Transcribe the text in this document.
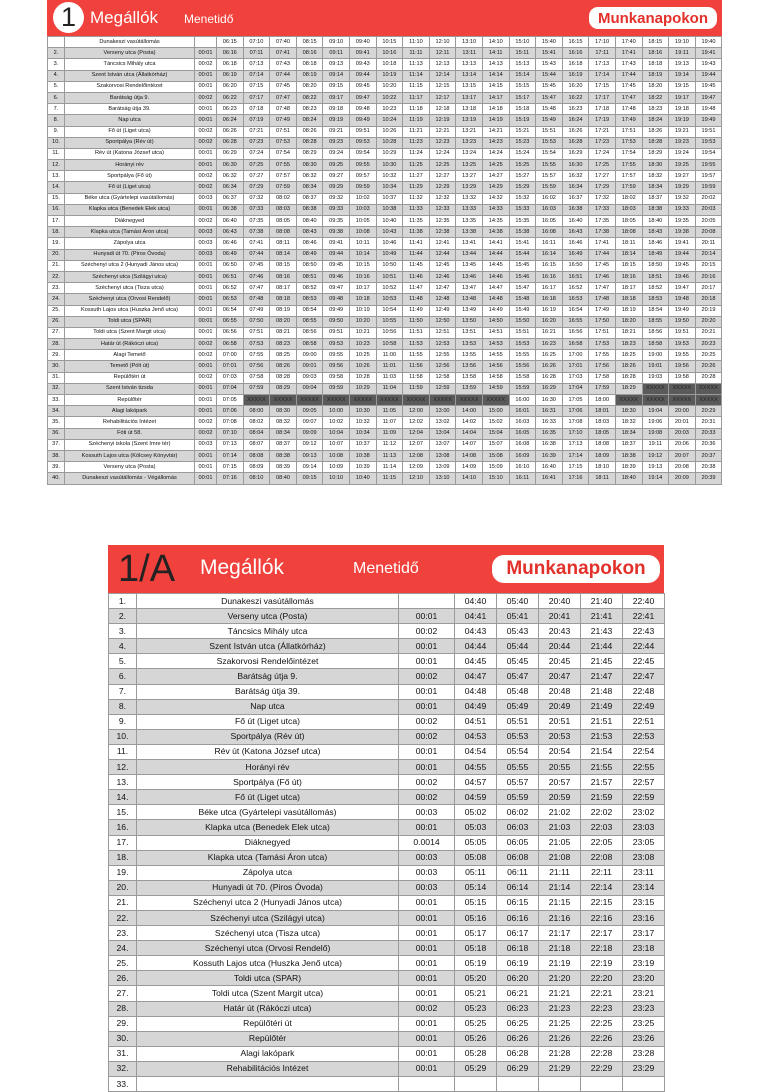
1 Megállók Menetidő	Munkanapokon
	Dunakeszi vasútállomás		06:15	07:10	07:40	08:15	09:10	09:40	10:15	11:10	12:10	13:10	14:10	15:10	15:40	16:15	17:10	17:40	18:15	19:10	19:40
2.	Verseny utca (Posta)	00:01	06:16	07:11	07:41	08:16	09:11	09:41	10:16	11:11	12:11	13:11	14:11	15:11	15:41	16:16	17:11	17:41	18:16	19:11	19:41
3.	Táncsics Mihály utca	00:02	06:18	07:13	07:43	08:18	09:13	09:43	10:18	11:13	12:13	13:13	14:13	15:13	15:43	16:18	17:13	17:43	18:18	19:13	19:43
4.	Szent István utca (Állatkórház)	00:01	06:19	07:14	07:44	08:19	09:14	09:44	10:19	11:14	12:14	13:14	14:14	15:14	15:44	16:19	17:14	17:44	18:19	19:14	19:44
5.	Szakorvosi Rendelőintézet	00:01	06:20	07:15	07:45	08:20	09:15	09:45	10:20	11:15	12:15	13:15	14:15	15:15	15:45	16:20	17:15	17:45	18:20	19:15	19:45
6.	Barátság útja 9.	00:02	06:22	07:17	07:47	08:22	09:17	09:47	10:22	11:17	12:17	13:17	14:17	15:17	15:47	16:22	17:17	17:47	18:22	19:17	19:47
7.	Barátság útja 39.	00:01	06:23	07:18	07:48	08:23	09:18	09:48	10:23	11:18	12:18	13:18	14:18	15:18	15:48	16:23	17:18	17:48	18:23	19:18	19:48
8.	Nap utca	00:01	06:24	07:19	07:49	08:24	09:19	09:49	10:24	11:19	12:19	13:19	14:19	15:19	15:49	16:24	17:19	17:49	18:24	19:19	19:49
9.	Fő út (Liget utca)	00:02	06:26	07:21	07:51	08:26	09:21	09:51	10:26	11:21	12:21	13:21	14:21	15:21	15:51	16:26	17:21	17:51	18:26	19:21	19:51
10.	Sportpálya (Rév út)	00:02	06:28	07:23	07:53	08:28	09:23	09:53	10:28	11:23	12:23	13:23	14:23	15:23	15:53	16:28	17:23	17:53	18:28	19:23	19:53
11.	Rév út (Katona József utca)	00:01	06:29	07:24	07:54	08:29	09:24	09:54	10:29	11:24	12:24	13:24	14:24	15:24	15:54	16:29	17:24	17:54	18:29	19:24	19:54
12.	Horányi rév	00:01	06:30	07:25	07:55	08:30	09:25	09:55	10:30	11:25	12:25	13:25	14:25	15:25	15:55	16:30	17:25	17:55	18:30	19:25	19:55
13.	Sportpálya (Fő út)	00:02	06:32	07:27	07:57	08:32	09:27	09:57	10:32	11:27	12:27	13:27	14:27	15:27	15:57	16:32	17:27	17:57	18:32	19:27	19:57
14.	Fő út (Liget utca)	00:02	06:34	07:29	07:59	08:34	09:29	09:59	10:34	11:29	12:29	13:29	14:29	15:29	15:59	16:34	17:29	17:59	18:34	19:29	19:59
15.	Béke utca (Gyártelepi vasútállomás)	00:03	06:37	07:32	08:02	08:37	09:32	10:02	10:37	11:32	12:32	13:32	14:32	15:32	16:02	16:37	17:32	18:02	18:37	19:32	20:02
16.	Klapka utca (Benedek Elek utca)	00:01	06:38	07:33	08:03	08:38	09:33	10:03	10:38	11:33	12:33	13:33	14:33	15:33	16:03	16:38	17:33	18:03	18:38	19:33	20:03
17.	Diáknegyed	00:02	06:40	07:35	08:05	08:40	09:35	10:05	10:40	11:35	12:35	13:35	14:35	15:35	16:05	16:40	17:35	18:05	18:40	19:35	20:05
18.	Klapka utca (Tamási Áron utca)	00:03	06:43	07:38	08:08	08:43	09:38	10:08	10:43	11:38	12:38	13:38	14:38	15:38	16:08	16:43	17:38	18:08	18:43	19:38	20:08
19.	Zápolya utca	00:03	06:46	07:41	08:11	08:46	09:41	10:11	10:46	11:41	12:41	13:41	14:41	15:41	16:11	16:46	17:41	18:11	18:46	19:41	20:11
20.	Hunyadi út 70. (Piros Óvoda)	00:03	06:49	07:44	08:14	08:49	09:44	10:14	10:49	11:44	12:44	13:44	14:44	15:44	16:14	16:49	17:44	18:14	18:49	19:44	20:14
21.	Széchenyi utca 2 (Hunyadi János utca)	00:01	06:50	07:45	08:15	08:50	09:45	10:15	10:50	11:45	12:45	13:45	14:45	15:45	16:15	16:50	17:45	18:15	18:50	19:45	20:15
22.	Széchenyi utca (Szilágyi utca)	00:01	06:51	07:46	08:16	08:51	09:46	10:16	10:51	11:46	12:46	13:46	14:46	15:46	16:16	16:51	17:46	18:16	18:51	19:46	20:16
23.	Széchenyi utca (Tisza utca)	00:01	06:52	07:47	08:17	08:52	09:47	10:17	10:52	11:47	12:47	13:47	14:47	15:47	16:17	16:52	17:47	18:17	18:52	19:47	20:17
24.	Széchenyi utca (Orvosi Rendelő)	00:01	06:53	07:48	08:18	08:53	09:48	10:18	10:53	11:48	12:48	13:48	14:48	15:48	16:18	16:53	17:48	18:18	18:53	19:48	20:18
25.	Kossuth Lajos utca (Huszka Jenő utca)	00:01	06:54	07:49	08:19	08:54	09:49	10:19	10:54	11:49	12:49	13:49	14:49	15:49	16:19	16:54	17:49	18:19	18:54	19:49	20:19
26.	Toldi utca (SPAR)	00:01	06:55	07:50	08:20	08:55	09:50	10:20	10:55	11:50	12:50	13:50	14:50	15:50	16:20	16:55	17:50	18:20	18:55	19:50	20:20
27.	Toldi utca (Szent Margit utca)	00:01	06:56	07:51	08:21	08:56	09:51	10:21	10:56	11:51	12:51	13:51	14:51	15:51	16:21	16:56	17:51	18:21	18:56	19:51	20:21
28.	Határ út (Rákóczi utca)	00:02	06:58	07:53	08:23	08:58	09:53	10:23	10:58	11:53	12:53	13:53	14:53	15:53	16:23	16:58	17:53	18:23	18:58	19:53	20:23
29.	Alagi Temető	00:02	07:00	07:55	08:25	09:00	09:55	10:25	11:00	11:55	12:55	13:55	14:55	15:55	16:25	17:00	17:55	18:25	19:00	19:55	20:25
30.	Temető (Pólt út)	00:01	07:01	07:56	08:26	09:01	09:56	10:26	11:01	11:56	12:56	13:56	14:56	15:56	16:26	17:01	17:56	18:26	19:01	19:56	20:26
31.	Repülőtéri út	00:02	07:03	07:58	08:28	09:03	09:58	10:28	11:03	11:58	12:58	13:58	14:58	15:58	16:28	17:03	17:58	18:28	19:03	19:58	20:28
32.	Szent István tizsda	00:01	07:04	07:59	08:29	09:04	09:59	10:29	11:04	11:59	12:59	13:59	14:59	15:59	16:29	17:04	17:59	18:29	XXXXX	XXXXX	XXXXX
33.	Repülőtér	00:01	07:05	XXXXX	XXXXX	XXXXX	XXXXX	XXXXX	XXXXX	XXXXX	XXXXX	XXXXX	XXXXX	16:00	16:30	17:05	18:00	XXXXX	XXXXX	XXXXX	XXXXX
34.	Alagi lakópark	00:01	07:06	08:00	08:30	09:05	10:00	10:30	11:05	12:00	13:00	14:00	15:00	16:01	16:31	17:06	18:01	18:30	19:04	20:00	20:29
35.	Rehabilitációs Intézet	00:02	07:08	08:02	08:32	09:07	10:02	10:32	11:07	12:02	13:02	14:02	15:02	16:03	16:33	17:08	18:03	18:32	19:06	20:01	20:31
36.	Fóti út 58.	00:02	07:10	08:04	08:34	09:09	10:04	10:34	11:09	12:04	13:04	14:04	15:04	16:05	16:35	17:10	18:05	18:34	19:08	20:03	20:33
37.	Széchenyi iskola (Szent Imre tér)	00:03	07:13	08:07	08:37	09:12	10:07	10:37	11:12	12:07	13:07	14:07	15:07	16:08	16:38	17:13	18:08	18:37	19:11	20:06	20:36
38.	Kossuth Lajos utca (Kölcsey Könyvtár)	00:01	07:14	08:08	08:38	09:13	10:08	10:38	11:13	12:08	13:08	14:08	15:08	16:09	16:39	17:14	18:09	18:38	19:12	20:07	20:37
39.	Verseny utca (Posta)	00:01	07:15	08:09	08:39	09:14	10:09	10:39	11:14	12:09	13:09	14:09	15:09	16:10	16:40	17:15	18:10	18:39	19:13	20:08	20:38
40.	Dunakeszi vasútállomás - Végállomás	00:01	07:16	08:10	08:40	09:15	10:10	10:40	11:15	12:10	13:10	14:10	15:10	16:11	16:41	17:16	18:11	18:40	19:14	20:09	20:39
1/A Megállók	Menetidő	Munkanapokon
1.	Dunakeszi vasútállomás		04:40	05:40	20:40	21:40	22:40
2.	Verseny utca (Posta)	00:01	04:41	05:41	20:41	21:41	22:41
3.	Táncsics Mihály utca	00:02	04:43	05:43	20:43	21:43	22:43
4.	Szent István utca (Állatkórház)	00:01	04:44	05:44	20:44	21:44	22:44
5.	Szakorvosi Rendelőintézet	00:01	04:45	05:45	20:45	21:45	22:45
6.	Barátság útja 9.	00:02	04:47	05:47	20:47	21:47	22:47
7.	Barátság útja 39.	00:01	04:48	05:48	20:48	21:48	22:48
8.	Nap utca	00:01	04:49	05:49	20:49	21:49	22:49
9.	Fő út (Liget utca)	00:02	04:51	05:51	20:51	21:51	22:51
10.	Sportpálya (Rév út)	00:02	04:53	05:53	20:53	21:53	22:53
11.	Rév út (Katona József utca)	00:01	04:54	05:54	20:54	21:54	22:54
12.	Horányi rév	00:01	04:55	05:55	20:55	21:55	22:55
13.	Sportpálya (Fő út)	00:02	04:57	05:57	20:57	21:57	22:57
14.	Fő út (Liget utca)	00:02	04:59	05:59	20:59	21:59	22:59
15.	Béke utca (Gyártelepi vasútállomás)	00:03	05:02	06:02	21:02	22:02	23:02
16.	Klapka utca (Benedek Elek utca)	00:01	05:03	06:03	21:03	22:03	23:03
17.	Diáknegyed	0.0014	05:05	06:05	21:05	22:05	23:05
18.	Klapka utca (Tamási Áron utca)	00:03	05:08	06:08	21:08	22:08	23:08
19.	Zápolya utca	00:03	05:11	06:11	21:11	22:11	23:11
20.	Hunyadi út 70. (Piros Óvoda)	00:03	05:14	06:14	21:14	22:14	23:14
21.	Széchenyi utca 2 (Hunyadi János utca)	00:01	05:15	06:15	21:15	22:15	23:15
22.	Széchenyi utca (Szilágyi utca)	00:01	05:16	06:16	21:16	22:16	23:16
23.	Széchenyi utca (Tisza utca)	00:01	05:17	06:17	21:17	22:17	23:17
24.	Széchenyi utca (Orvosi Rendelő)	00:01	05:18	06:18	21:18	22:18	23:18
25.	Kossuth Lajos utca (Huszka Jenő utca)	00:01	05:19	06:19	21:19	22:19	23:19
26.	Toldi utca (SPAR)	00:01	05:20	06:20	21:20	22:20	23:20
27.	Toldi utca (Szent Margit utca)	00:01	05:21	06:21	21:21	22:21	23:21
28.	Határ út (Rákóczi utca)	00:02	05:23	06:23	21:23	22:23	23:23
29.	Repülőtéri út	00:01	05:25	06:25	21:25	22:25	23:25
30.	Repülőtér	00:01	05:26	06:26	21:26	22:26	23:26
31.	Alagi lakópark	00:01	05:28	06:28	21:28	22:28	23:28
32.	Rehabilitációs Intézet	00:01	05:29	06:29	21:29	22:29	23:29
33.							
